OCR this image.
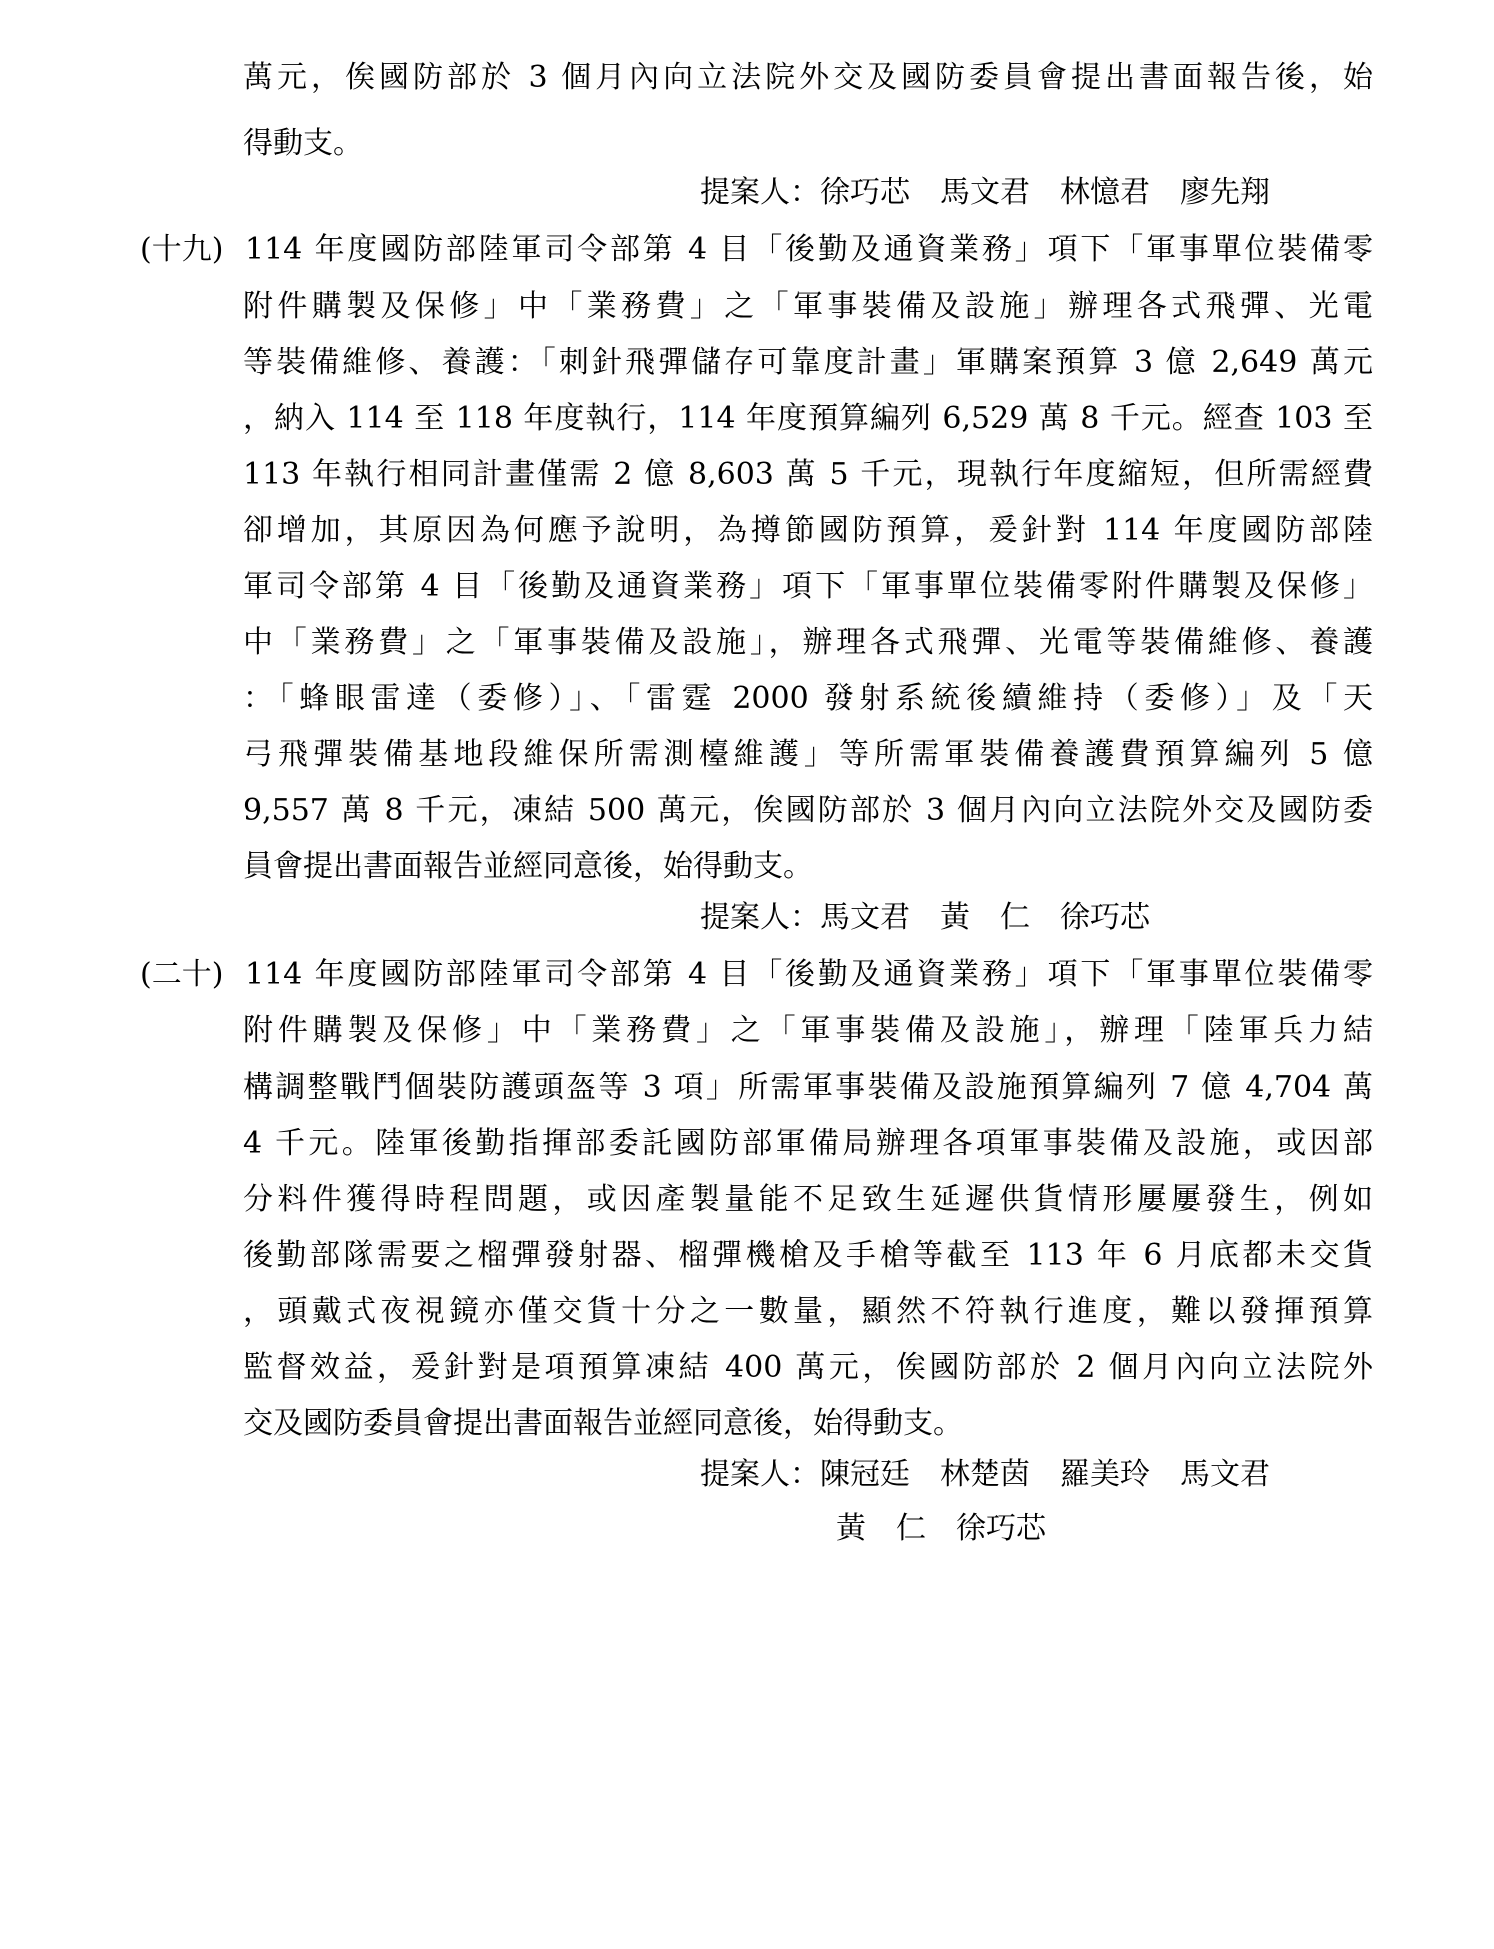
萬元，俟國防部於 3 個月內向立法院外交及國防委員會提出書面報告後，始
得動支。
提案人：徐巧芯　馬文君　林憶君　廖先翔
(十九) 114 年度國防部陸軍司令部第 4 目「後勤及通資業務」項下「軍事單位裝備零
附件購製及保修」中「業務費」之「軍事裝備及設施」辦理各式飛彈、光電
等裝備維修、養護：「刺針飛彈儲存可靠度計畫」軍購案預算 3 億 2,649 萬元
，納入 114 至 118 年度執行，114 年度預算編列 6,529 萬 8 千元。經查 103 至
113 年執行相同計畫僅需 2 億 8,603 萬 5 千元，現執行年度縮短，但所需經費
卻增加，其原因為何應予說明，為撙節國防預算，爰針對 114 年度國防部陸
軍司令部第 4 目「後勤及通資業務」項下「軍事單位裝備零附件購製及保修」
中「業務費」之「軍事裝備及設施」，辦理各式飛彈、光電等裝備維修、養護
：「蜂眼雷達（委修）」、「雷霆 2000 發射系統後續維持（委修）」及「天
弓飛彈裝備基地段維保所需測檯維護」等所需軍裝備養護費預算編列 5 億
9,557 萬 8 千元，凍結 500 萬元，俟國防部於 3 個月內向立法院外交及國防委
員會提出書面報告並經同意後，始得動支。
提案人：馬文君　黃　仁　徐巧芯
(二十) 114 年度國防部陸軍司令部第 4 目「後勤及通資業務」項下「軍事單位裝備零
附件購製及保修」中「業務費」之「軍事裝備及設施」，辦理「陸軍兵力結
構調整戰鬥個裝防護頭盔等 3 項」所需軍事裝備及設施預算編列 7 億 4,704 萬
4 千元。陸軍後勤指揮部委託國防部軍備局辦理各項軍事裝備及設施，或因部
分料件獲得時程問題，或因產製量能不足致生延遲供貨情形屢屢發生，例如
後勤部隊需要之榴彈發射器、榴彈機槍及手槍等截至 113 年 6 月底都未交貨
，頭戴式夜視鏡亦僅交貨十分之一數量，顯然不符執行進度，難以發揮預算
監督效益，爰針對是項預算凍結 400 萬元，俟國防部於 2 個月內向立法院外
交及國防委員會提出書面報告並經同意後，始得動支。
提案人：陳冠廷　林楚茵　羅美玲　馬文君
黃　仁　徐巧芯
